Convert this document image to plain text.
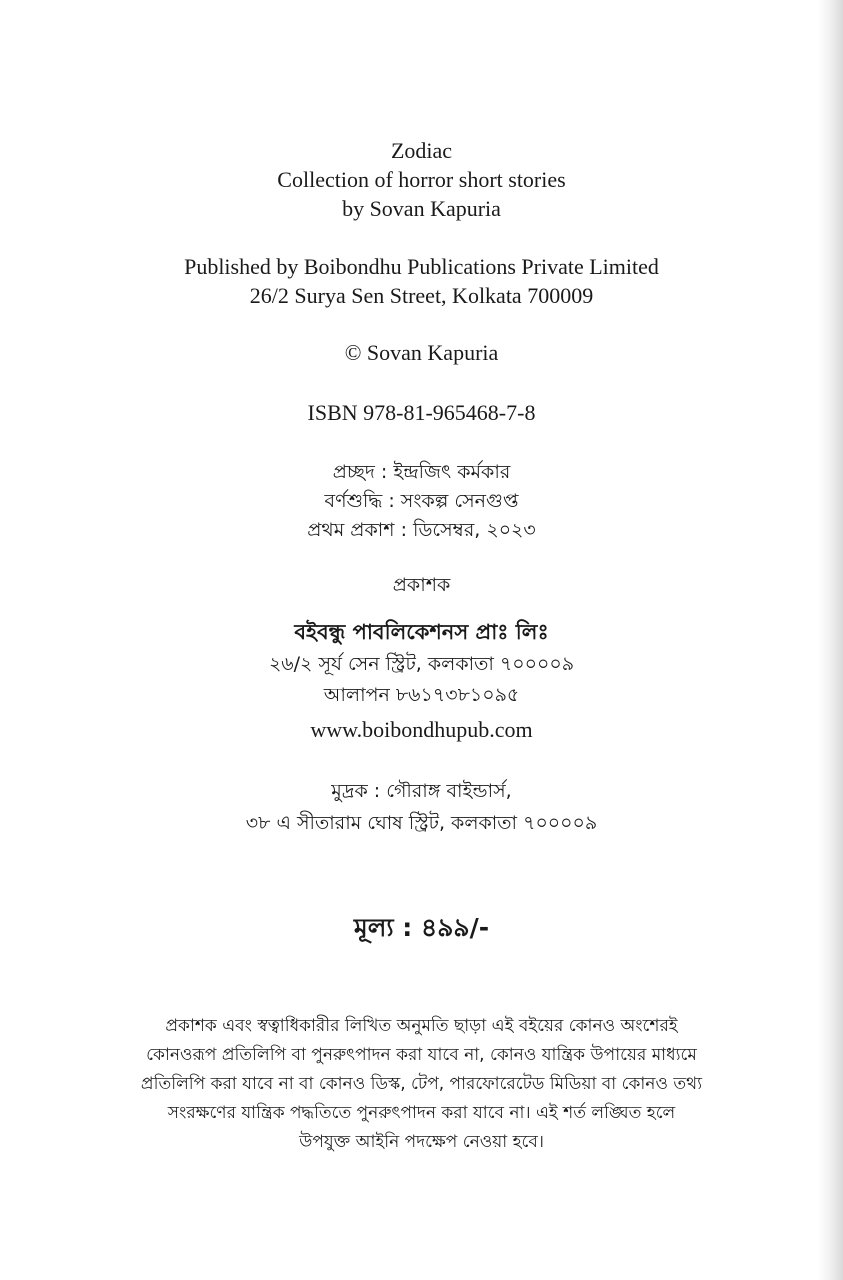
Zodiac
Collection of horror short stories
by Sovan Kapuria
Published by Boibondhu Publications Private Limited
26/2 Surya Sen Street, Kolkata 700009
© Sovan Kapuria
ISBN 978-81-965468-7-8
প্রচ্ছদ : ইন্দ্রজিৎ কর্মকার
বর্ণশুদ্ধি : সংকল্প সেনগুপ্ত
প্রথম প্রকাশ : ডিসেম্বর, ২০২৩
প্রকাশক
বইবন্ধু পাবলিকেশনস প্রাঃ লিঃ
২৬/২ সূর্য সেন স্ট্রিট, কলকাতা ৭০০০০৯
আলাপন ৮৬১৭৩৮১০৯৫
www.boibondhupub.com
মুদ্রক : গৌরাঙ্গ বাইন্ডার্স,
৩৮ এ সীতারাম ঘোষ স্ট্রিট, কলকাতা ৭০০০০৯
মূল্য : ৪৯৯/-
প্রকাশক এবং স্বত্বাধিকারীর লিখিত অনুমতি ছাড়া এই বইয়ের কোনও অংশেরই
কোনওরূপ প্রতিলিপি বা পুনরুৎপাদন করা যাবে না, কোনও যান্ত্রিক উপায়ের মাধ্যমে
প্রতিলিপি করা যাবে না বা কোনও ডিস্ক, টেপ, পারফোরেটেড মিডিয়া বা কোনও তথ্য
সংরক্ষণের যান্ত্রিক পদ্ধতিতে পুনরুৎপাদন করা যাবে না। এই শর্ত লঙ্ঘিত হলে
উপযুক্ত আইনি পদক্ষেপ নেওয়া হবে।
